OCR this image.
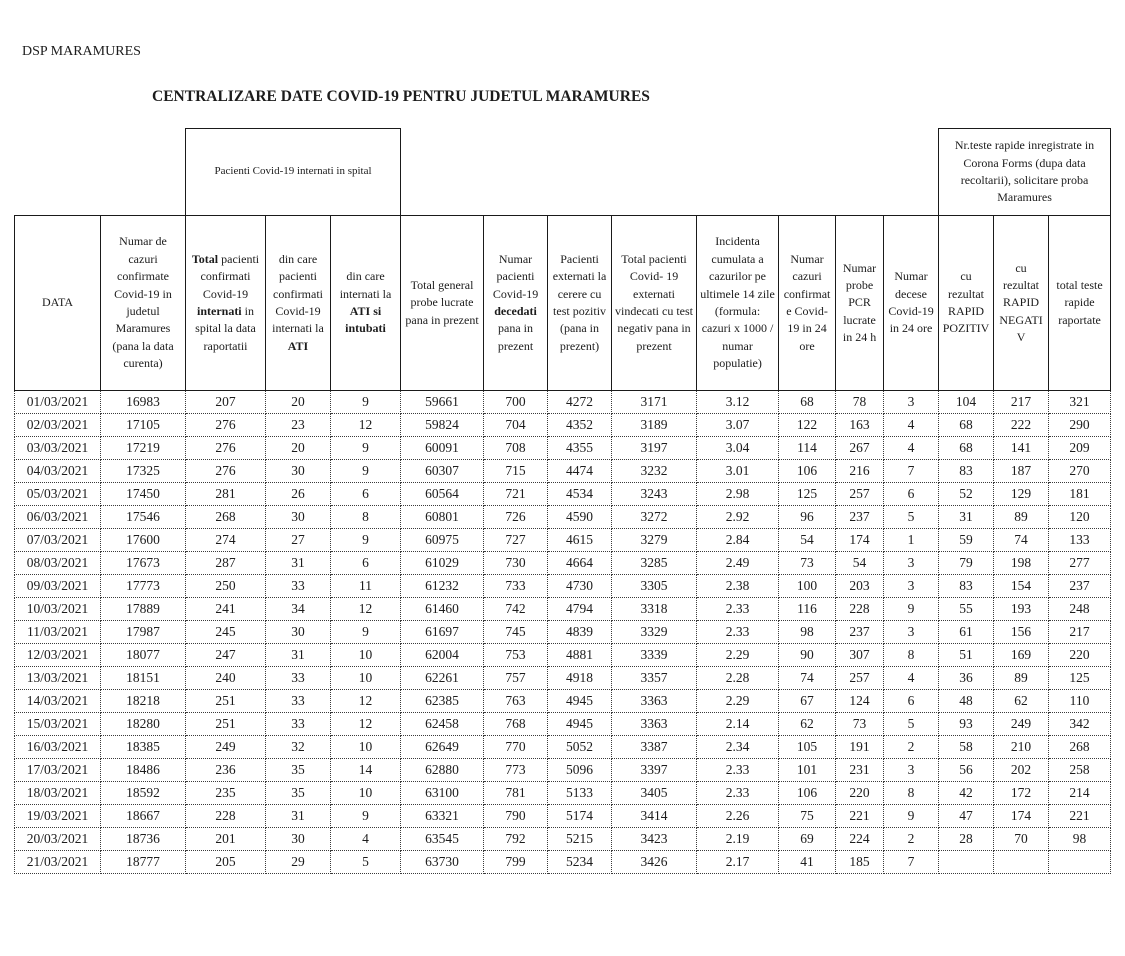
DSP MARAMURES
CENTRALIZARE DATE COVID-19 PENTRU JUDETUL MARAMURES
		Pacienti Covid-19 internati in spital											Nr.teste rapide inregistrate in Corona Forms (dupa data recoltarii), solicitare proba Maramures		
DATA	Numar de cazuri confirmate Covid-19 in judetul Maramures (pana la data curenta)	Total pacienti confirmati Covid-19 internati in spital la data raportatii	din care pacienti confirmati Covid-19 internati la ATI	din care internati la ATI si intubati	Total general probe lucrate pana in prezent	Numar pacienti Covid-19 decedati pana in prezent	Pacienti externati la cerere cu test pozitiv (pana in prezent)	Total pacienti Covid- 19 externati vindecati cu test negativ pana in prezent	Incidenta cumulata a cazurilor pe ultimele 14 zile (formula: cazuri x 1000 / numar populatie)	Numar cazuri confirmate Covid-19 in 24 ore	Numar probe PCR lucrate in 24 h	Numar decese Covid-19 in 24 ore	cu rezultat RAPID POZITIV	cu rezultat RAPID NEGATIV	total teste rapide raportate
01/03/2021	16983	207	20	9	59661	700	4272	3171	3.12	68	78	3	104	217	321
02/03/2021	17105	276	23	12	59824	704	4352	3189	3.07	122	163	4	68	222	290
03/03/2021	17219	276	20	9	60091	708	4355	3197	3.04	114	267	4	68	141	209
04/03/2021	17325	276	30	9	60307	715	4474	3232	3.01	106	216	7	83	187	270
05/03/2021	17450	281	26	6	60564	721	4534	3243	2.98	125	257	6	52	129	181
06/03/2021	17546	268	30	8	60801	726	4590	3272	2.92	96	237	5	31	89	120
07/03/2021	17600	274	27	9	60975	727	4615	3279	2.84	54	174	1	59	74	133
08/03/2021	17673	287	31	6	61029	730	4664	3285	2.49	73	54	3	79	198	277
09/03/2021	17773	250	33	11	61232	733	4730	3305	2.38	100	203	3	83	154	237
10/03/2021	17889	241	34	12	61460	742	4794	3318	2.33	116	228	9	55	193	248
11/03/2021	17987	245	30	9	61697	745	4839	3329	2.33	98	237	3	61	156	217
12/03/2021	18077	247	31	10	62004	753	4881	3339	2.29	90	307	8	51	169	220
13/03/2021	18151	240	33	10	62261	757	4918	3357	2.28	74	257	4	36	89	125
14/03/2021	18218	251	33	12	62385	763	4945	3363	2.29	67	124	6	48	62	110
15/03/2021	18280	251	33	12	62458	768	4945	3363	2.14	62	73	5	93	249	342
16/03/2021	18385	249	32	10	62649	770	5052	3387	2.34	105	191	2	58	210	268
17/03/2021	18486	236	35	14	62880	773	5096	3397	2.33	101	231	3	56	202	258
18/03/2021	18592	235	35	10	63100	781	5133	3405	2.33	106	220	8	42	172	214
19/03/2021	18667	228	31	9	63321	790	5174	3414	2.26	75	221	9	47	174	221
20/03/2021	18736	201	30	4	63545	792	5215	3423	2.19	69	224	2	28	70	98
21/03/2021	18777	205	29	5	63730	799	5234	3426	2.17	41	185	7			
